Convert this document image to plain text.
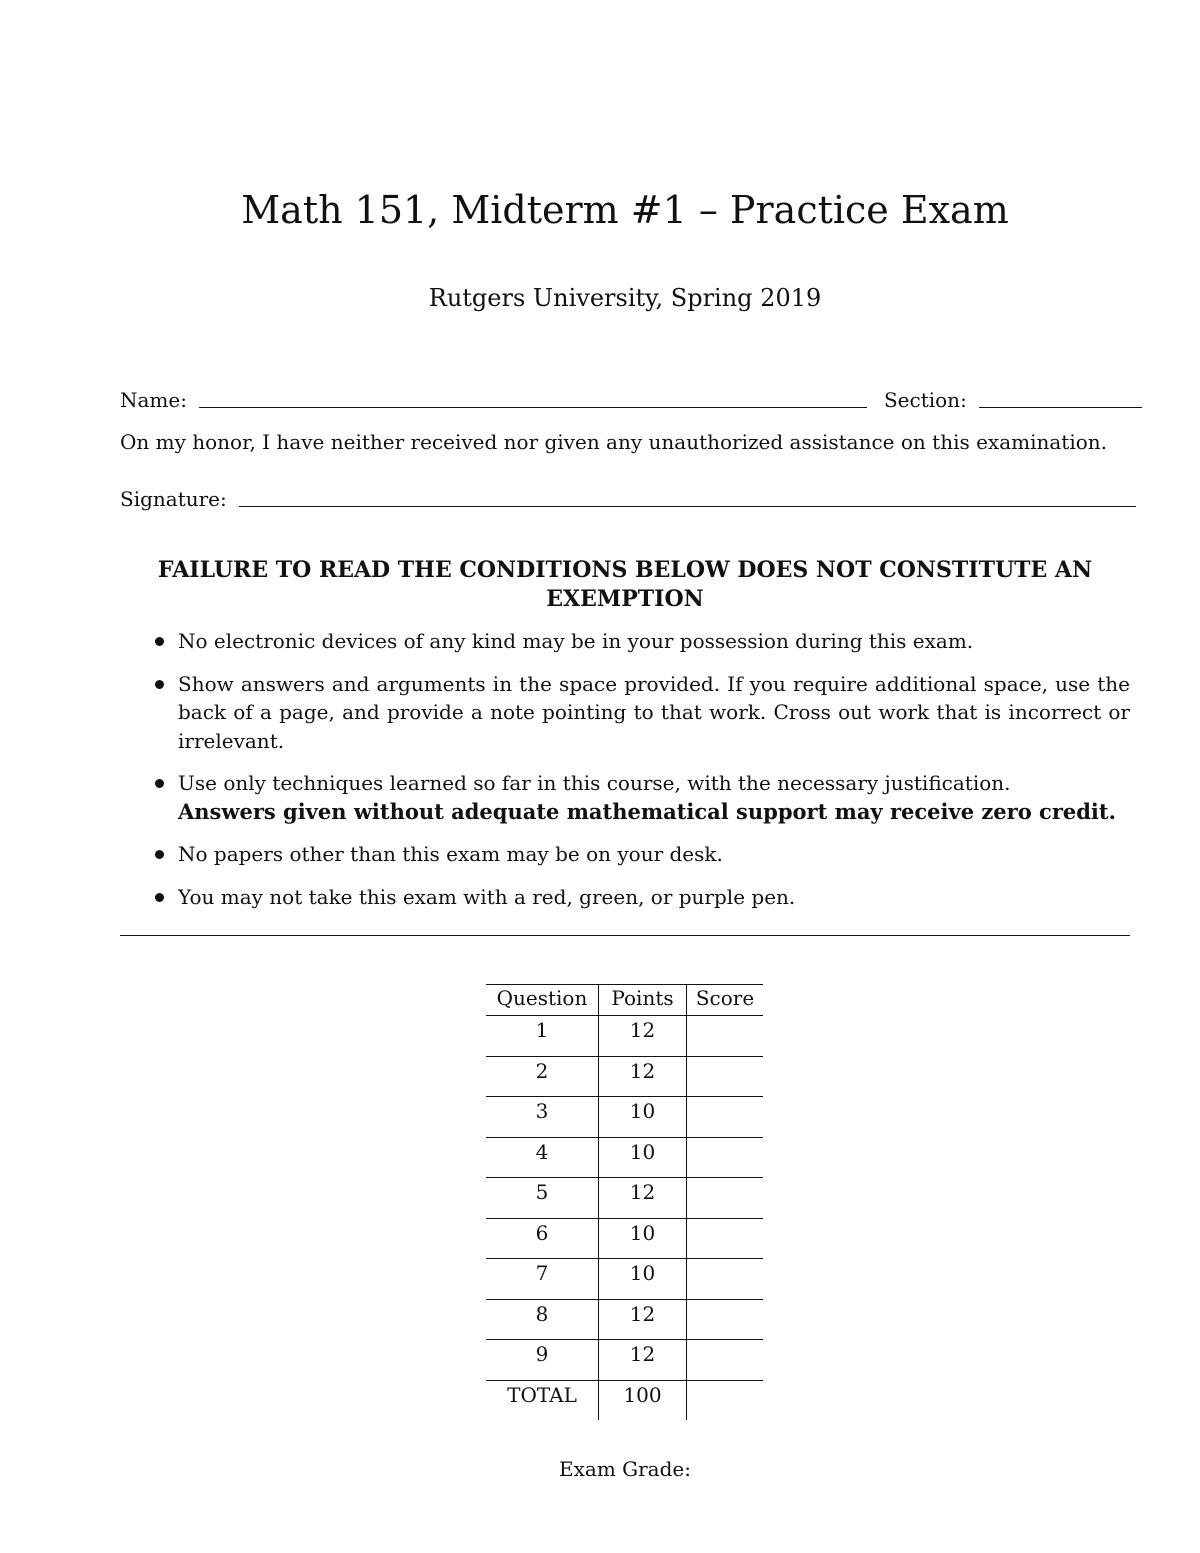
Math 151, Midterm #1 – Practice Exam
Rutgers University, Spring 2019
Name:	Section:
On my honor, I have neither received nor given any unauthorized assistance on this examination.
Signature:
FAILURE TO READ THE CONDITIONS BELOW DOES NOT CONSTITUTE AN EXEMPTION
No electronic devices of any kind may be in your possession during this exam.
Show answers and arguments in the space provided. If you require additional space, use the back of a page, and provide a note pointing to that work. Cross out work that is incorrect or irrelevant.
Use only techniques learned so far in this course, with the necessary justification.
Answers given without adequate mathematical support may receive zero credit.
No papers other than this exam may be on your desk.
You may not take this exam with a red, green, or purple pen.
Question	Points	Score
1	12	
2	12	
3	10	
4	10	
5	12	
6	10	
7	10	
8	12	
9	12	
TOTAL	100	
Exam Grade:
